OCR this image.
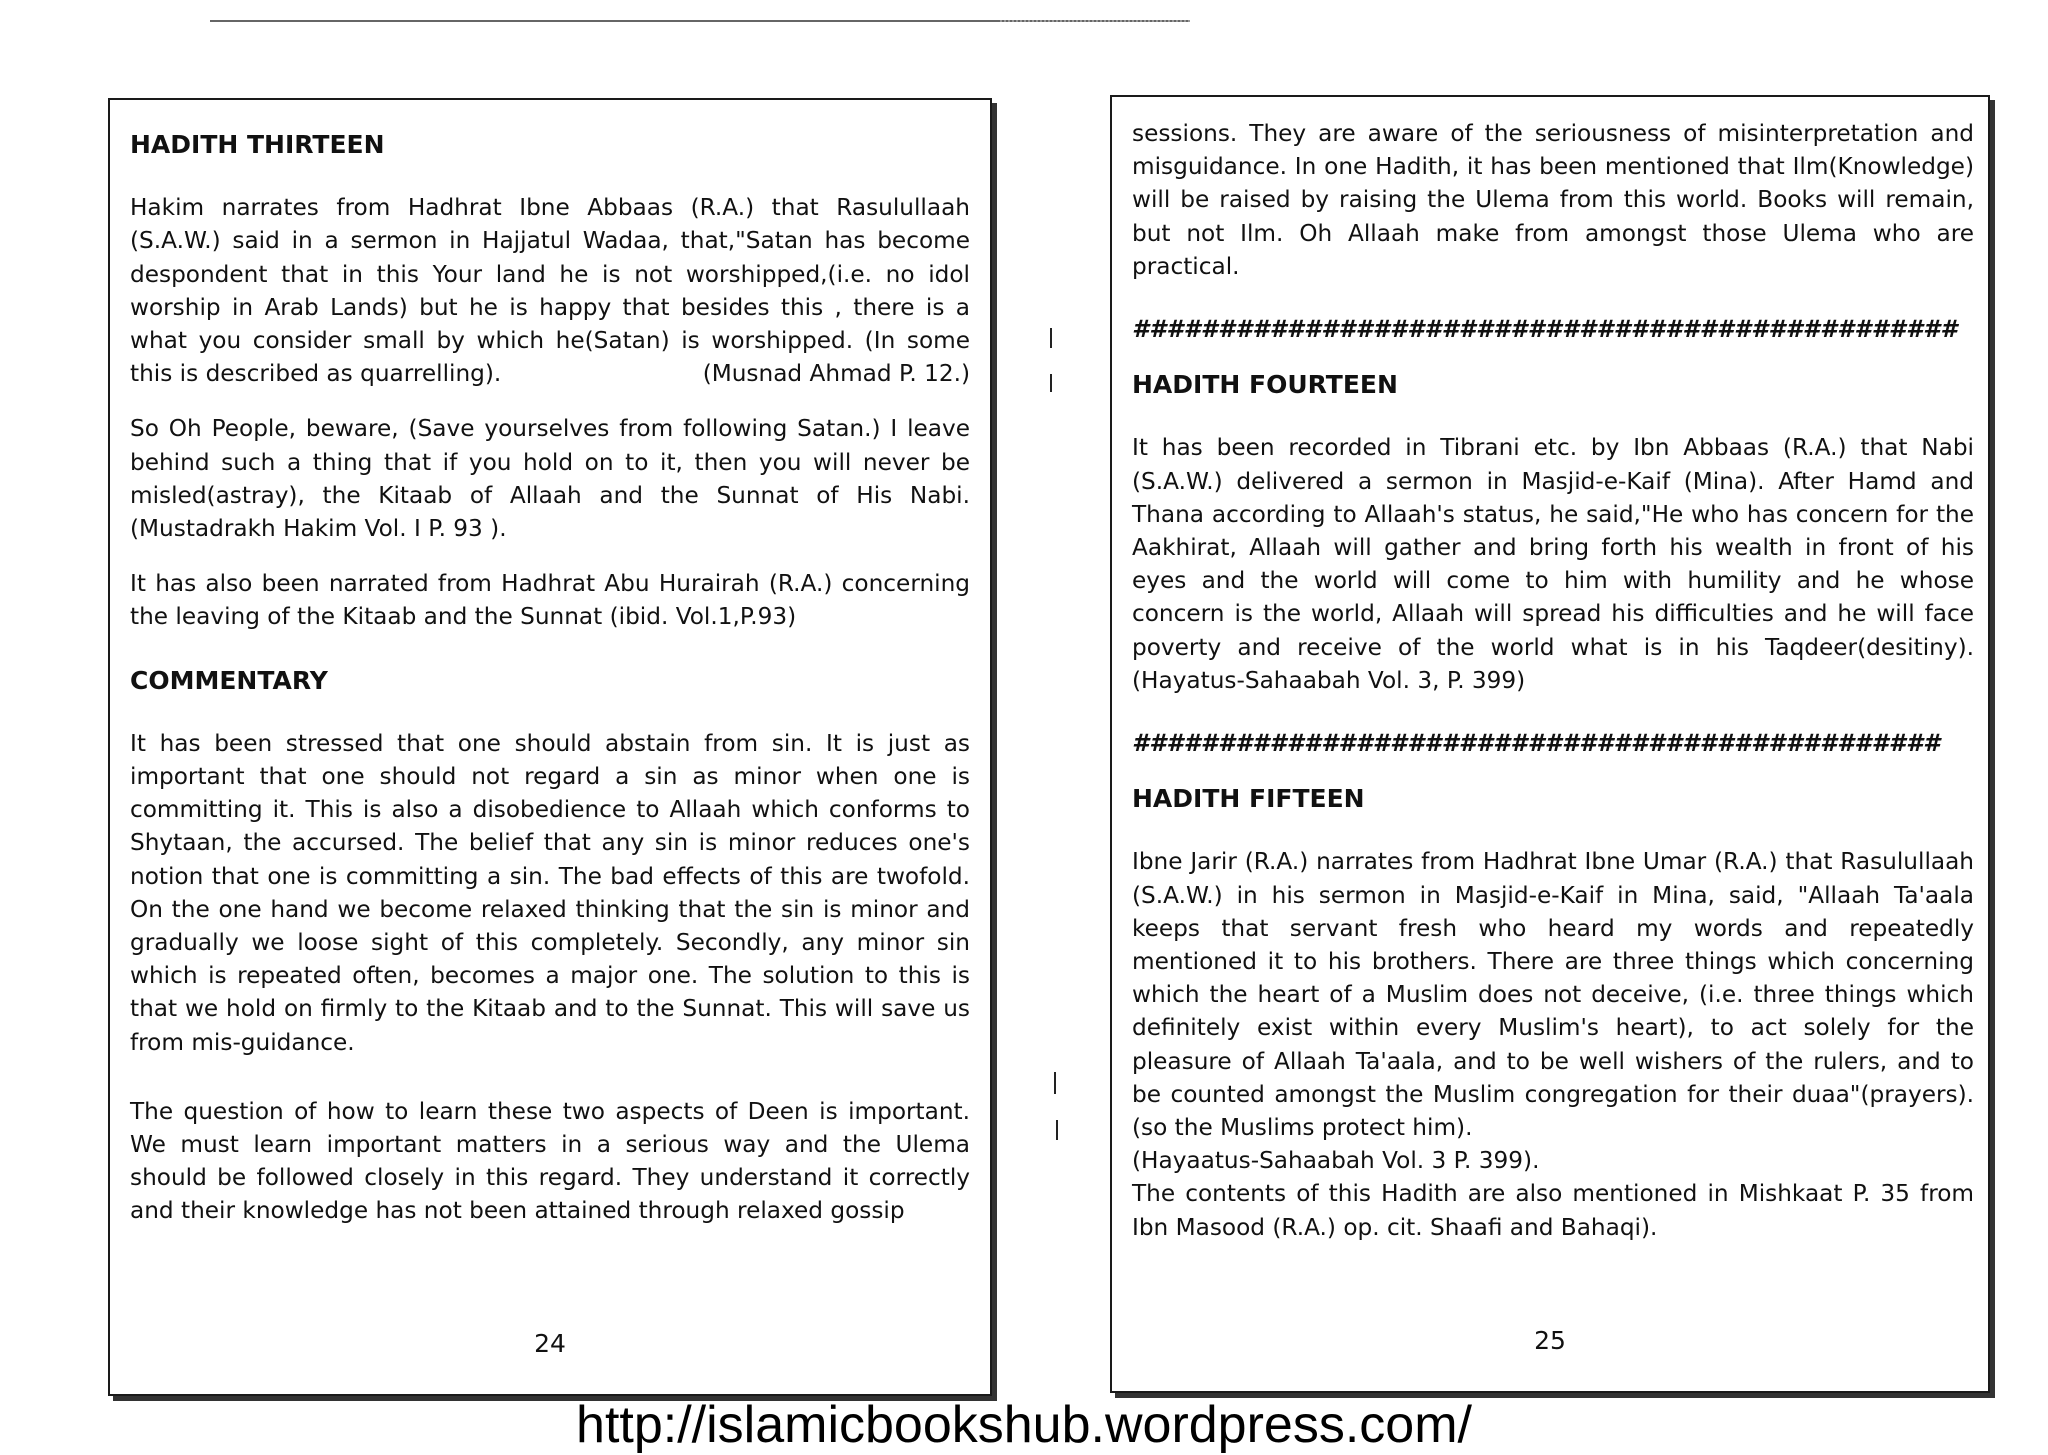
HADITH THIRTEEN

Hakim narrates from Hadhrat Ibne Abbaas (R.A.) that Rasulullaah (S.A.W.) said in a sermon in Hajjatul Wadaa, that,"Satan has become despondent that in this Your land he is not worshipped,(i.e. no idol worship in Arab Lands) but he is happy that besides this , there is a what you consider small by which he(Satan) is worshipped. (In some this is described as quarrelling).	(Musnad Ahmad P. 12.)

So Oh People, beware, (Save yourselves from following Satan.) I leave behind such a thing that if you hold on to it, then you will never be misled(astray), the Kitaab of Allaah and the Sunnat of His Nabi. (Mustadrakh Hakim Vol. I P. 93 ).

It has also been narrated from Hadhrat Abu Hurairah (R.A.) concerning the leaving of the Kitaab and the Sunnat (ibid. Vol.1,P.93)

COMMENTARY

It has been stressed that one should abstain from sin. It is just as important that one should not regard a sin as minor when one is committing it. This is also a disobedience to Allaah which conforms to Shytaan, the accursed. The belief that any sin is minor reduces one's notion that one is committing a sin. The bad effects of this are twofold. On the one hand we become relaxed thinking that the sin is minor and gradually we loose sight of this completely. Secondly, any minor sin which is repeated often, becomes a major one. The solution to this is that we hold on firmly to the Kitaab and to the Sunnat. This will save us from mis-guidance.

The question of how to learn these two aspects of Deen is important. We must learn important matters in a serious way and the Ulema should be followed closely in this regard. They understand it correctly and their knowledge has not been attained through relaxed gossip

24

sessions. They are aware of the seriousness of misinterpretation and misguidance. In one Hadith, it has been mentioned that Ilm(Knowledge) will be raised by raising the Ulema from this world. Books will remain, but not Ilm. Oh Allaah make from amongst those Ulema who are practical.

################################################
HADITH FOURTEEN

It has been recorded in Tibrani etc. by Ibn Abbaas (R.A.) that Nabi (S.A.W.) delivered a sermon in Masjid-e-Kaif (Mina). After Hamd and Thana according to Allaah's status, he said,"He who has concern for the Aakhirat, Allaah will gather and bring forth his wealth in front of his eyes and the world will come to him with humility and he whose concern is the world, Allaah will spread his difficulties and he will face poverty and receive of the world what is in his Taqdeer(desitiny). (Hayatus-Sahaabah Vol. 3, P. 399)

###############################################
HADITH FIFTEEN

Ibne Jarir (R.A.) narrates from Hadhrat Ibne Umar (R.A.) that Rasulullaah (S.A.W.) in his sermon in Masjid-e-Kaif in Mina, said, "Allaah Ta'aala keeps that servant fresh who heard my words and repeatedly mentioned it to his brothers. There are three things which concerning which the heart of a Muslim does not deceive, (i.e. three things which definitely exist within every Muslim's heart), to act solely for the pleasure of Allaah Ta'aala, and to be well wishers of the rulers, and to be counted amongst the Muslim congregation for their duaa"(prayers).(so the Muslims protect him).

(Hayaatus-Sahaabah Vol. 3 P. 399).

The contents of this Hadith are also mentioned in Mishkaat P. 35 from Ibn Masood (R.A.) op. cit. Shaafi and Bahaqi).

25
http://islamicbookshub.wordpress.com/
